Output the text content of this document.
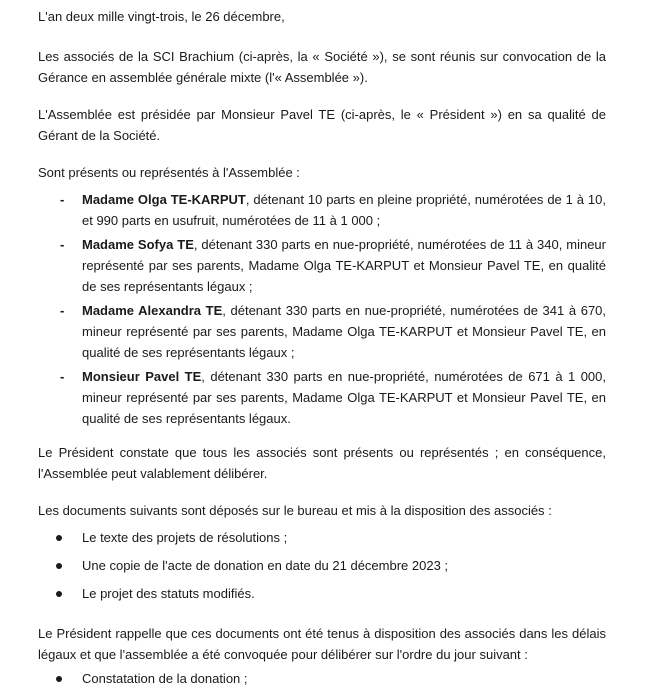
L'an deux mille vingt-trois, le 26 décembre,

Les associés de la SCI Brachium (ci-après, la « Société »), se sont réunis sur convocation de la Gérance en assemblée générale mixte (l'« Assemblée »).

L'Assemblée est présidée par Monsieur Pavel TE (ci-après, le « Président ») en sa qualité de Gérant de la Société.

Sont présents ou représentés à l'Assemblée :

- Madame Olga TE-KARPUT, détenant 10 parts en pleine propriété, numérotées de 1 à 10, et 990 parts en usufruit, numérotées de 11 à 1 000 ;
- Madame Sofya TE, détenant 330 parts en nue-propriété, numérotées de 11 à 340, mineur représenté par ses parents, Madame Olga TE-KARPUT et Monsieur Pavel TE, en qualité de ses représentants légaux ;
- Madame Alexandra TE, détenant 330 parts en nue-propriété, numérotées de 341 à 670, mineur représenté par ses parents, Madame Olga TE-KARPUT et Monsieur Pavel TE, en qualité de ses représentants légaux ;
- Monsieur Pavel TE, détenant 330 parts en nue-propriété, numérotées de 671 à 1 000, mineur représenté par ses parents, Madame Olga TE-KARPUT et Monsieur Pavel TE, en qualité de ses représentants légaux.

Le Président constate que tous les associés sont présents ou représentés ; en conséquence, l'Assemblée peut valablement délibérer.

Les documents suivants sont déposés sur le bureau et mis à la disposition des associés :

Le texte des projets de résolutions ;
Une copie de l'acte de donation en date du 21 décembre 2023 ;
Le projet des statuts modifiés.

Le Président rappelle que ces documents ont été tenus à disposition des associés dans les délais légaux et que l'assemblée a été convoquée pour délibérer sur l'ordre du jour suivant :

Constatation de la donation ;
